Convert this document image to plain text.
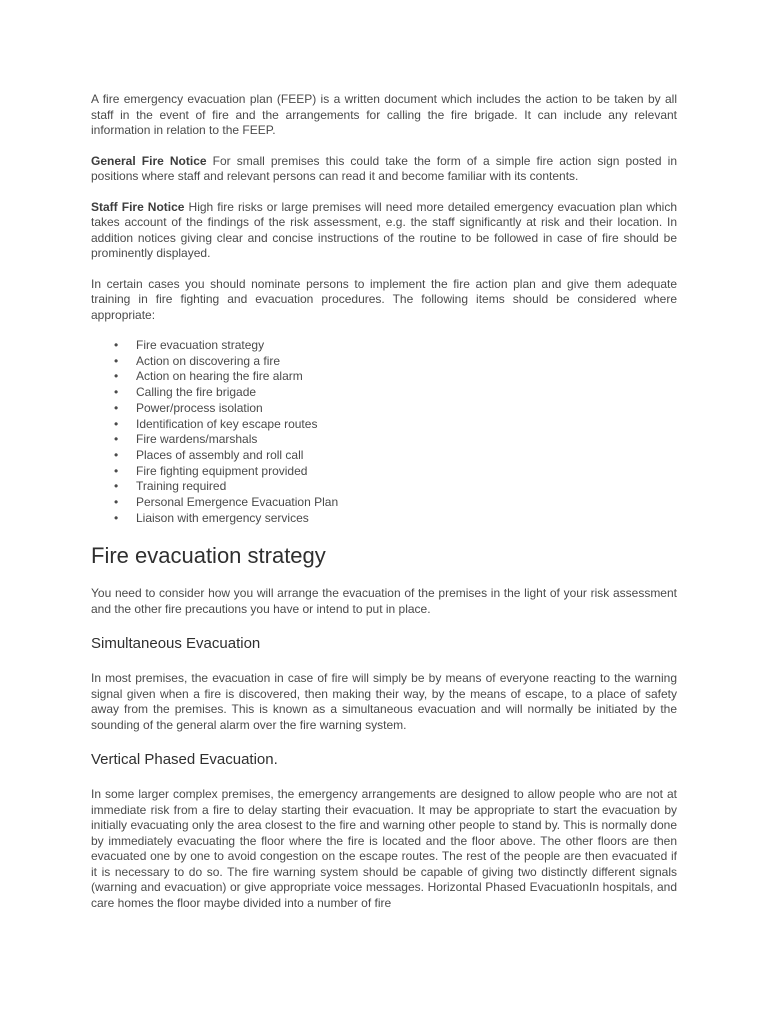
A fire emergency evacuation plan (FEEP) is a written document which includes the action to be taken by all staff in the event of fire and the arrangements for calling the fire brigade. It can include any relevant information in relation to the FEEP.

General Fire Notice For small premises this could take the form of a simple fire action sign posted in positions where staff and relevant persons can read it and become familiar with its contents.

Staff Fire Notice High fire risks or large premises will need more detailed emergency evacuation plan which takes account of the findings of the risk assessment, e.g. the staff significantly at risk and their location. In addition notices giving clear and concise instructions of the routine to be followed in case of fire should be prominently displayed.

In certain cases you should nominate persons to implement the fire action plan and give them adequate training in fire fighting and evacuation procedures. The following items should be considered where appropriate:

• Fire evacuation strategy
• Action on discovering a fire
• Action on hearing the fire alarm
• Calling the fire brigade
• Power/process isolation
• Identification of key escape routes
• Fire wardens/marshals
• Places of assembly and roll call
• Fire fighting equipment provided
• Training required
• Personal Emergence Evacuation Plan
• Liaison with emergency services
Fire evacuation strategy

You need to consider how you will arrange the evacuation of the premises in the light of your risk assessment and the other fire precautions you have or intend to put in place.

Simultaneous Evacuation

In most premises, the evacuation in case of fire will simply be by means of everyone reacting to the warning signal given when a fire is discovered, then making their way, by the means of escape, to a place of safety away from the premises. This is known as a simultaneous evacuation and will normally be initiated by the sounding of the general alarm over the fire warning system.

Vertical Phased Evacuation.

In some larger complex premises, the emergency arrangements are designed to allow people who are not at immediate risk from a fire to delay starting their evacuation. It may be appropriate to start the evacuation by initially evacuating only the area closest to the fire and warning other people to stand by. This is normally done by immediately evacuating the floor where the fire is located and the floor above. The other floors are then evacuated one by one to avoid congestion on the escape routes. The rest of the people are then evacuated if it is necessary to do so. The fire warning system should be capable of giving two distinctly different signals (warning and evacuation) or give appropriate voice messages. Horizontal Phased EvacuationIn hospitals, and care homes the floor maybe divided into a number of fire
